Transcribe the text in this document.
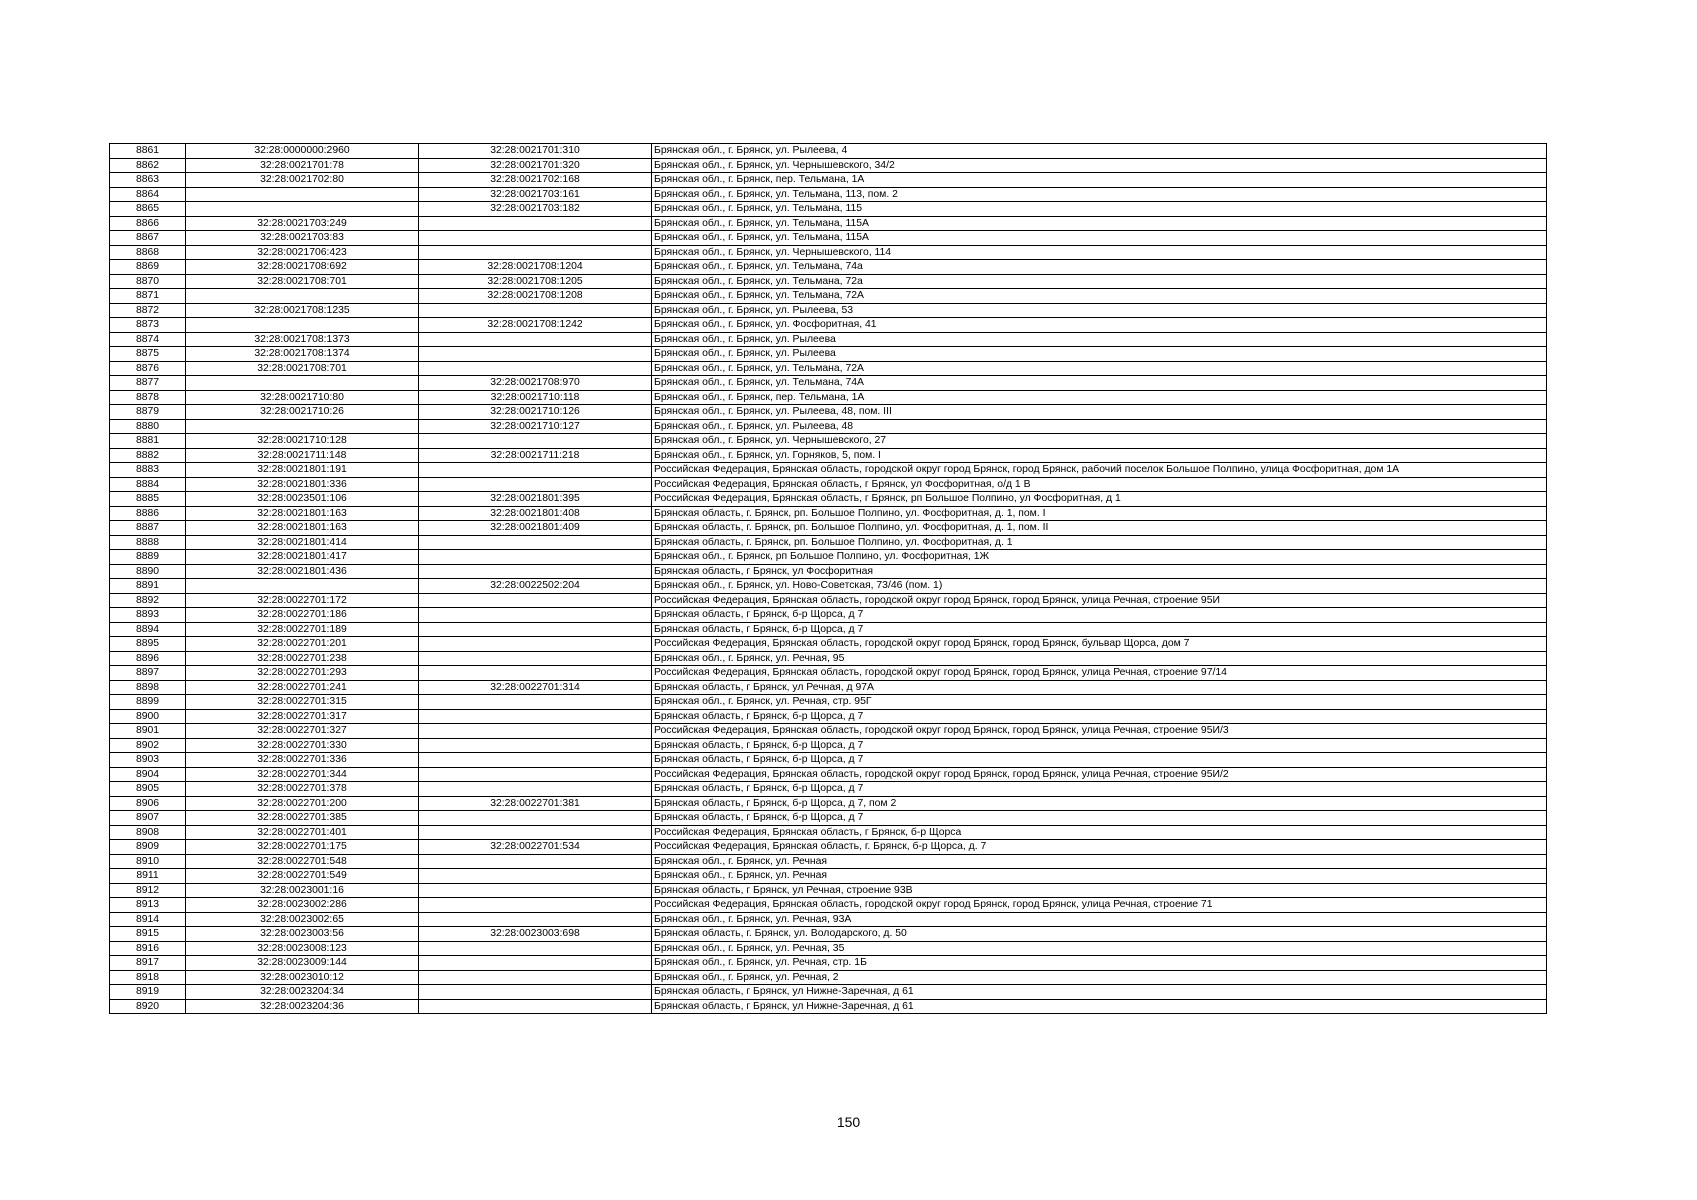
8861	32:28:0000000:2960	32:28:0021701:310	Брянская обл., г. Брянск, ул. Рылеева, 4
8862	32:28:0021701:78	32:28:0021701:320	Брянская обл., г. Брянск, ул. Чернышевского, 34/2
8863	32:28:0021702:80	32:28:0021702:168	Брянская обл., г. Брянск, пер. Тельмана, 1А
8864		32:28:0021703:161	Брянская обл., г. Брянск, ул. Тельмана, 113, пом. 2
8865		32:28:0021703:182	Брянская обл., г. Брянск, ул. Тельмана, 115
8866	32:28:0021703:249		Брянская обл., г. Брянск, ул. Тельмана, 115А
8867	32:28:0021703:83		Брянская обл., г. Брянск, ул. Тельмана, 115А
8868	32:28:0021706:423		Брянская обл., г. Брянск, ул. Чернышевского, 114
8869	32:28:0021708:692	32:28:0021708:1204	Брянская обл., г. Брянск, ул. Тельмана, 74а
8870	32:28:0021708:701	32:28:0021708:1205	Брянская обл., г. Брянск, ул. Тельмана, 72а
8871		32:28:0021708:1208	Брянская обл., г. Брянск, ул. Тельмана, 72А
8872	32:28:0021708:1235		Брянская обл., г. Брянск, ул. Рылеева, 53
8873		32:28:0021708:1242	Брянская обл., г. Брянск, ул. Фосфоритная, 41
8874	32:28:0021708:1373		Брянская обл., г. Брянск, ул. Рылеева
8875	32:28:0021708:1374		Брянская обл., г. Брянск, ул. Рылеева
8876	32:28:0021708:701		Брянская обл., г. Брянск, ул. Тельмана, 72А
8877		32:28:0021708:970	Брянская обл., г. Брянск, ул. Тельмана, 74А
8878	32:28:0021710:80	32:28:0021710:118	Брянская обл., г. Брянск, пер. Тельмана, 1А
8879	32:28:0021710:26	32:28:0021710:126	Брянская обл., г. Брянск, ул. Рылеева, 48, пом. III
8880		32:28:0021710:127	Брянская обл., г. Брянск, ул. Рылеева, 48
8881	32:28:0021710:128		Брянская обл., г. Брянск, ул. Чернышевского, 27
8882	32:28:0021711:148	32:28:0021711:218	Брянская обл., г. Брянск, ул. Горняков, 5, пом. I
8883	32:28:0021801:191		Российская Федерация, Брянская область, городской округ город Брянск, город Брянск, рабочий поселок Большое Полпино, улица Фосфоритная, дом 1А
8884	32:28:0021801:336		Российская Федерация, Брянская область, г Брянск, ул Фосфоритная, о/д 1 В
8885	32:28:0023501:106	32:28:0021801:395	Российская Федерация, Брянская область, г Брянск, рп Большое Полпино, ул Фосфоритная, д 1
8886	32:28:0021801:163	32:28:0021801:408	Брянская область, г. Брянск, рп. Большое Полпино, ул. Фосфоритная, д. 1, пом. I
8887	32:28:0021801:163	32:28:0021801:409	Брянская область, г. Брянск, рп. Большое Полпино, ул. Фосфоритная, д. 1, пом. II
8888	32:28:0021801:414		Брянская область, г. Брянск, рп. Большое Полпино, ул. Фосфоритная, д. 1
8889	32:28:0021801:417		Брянская обл., г. Брянск, рп Большое Полпино, ул. Фосфоритная, 1Ж
8890	32:28:0021801:436		Брянская область, г Брянск, ул Фосфоритная
8891		32:28:0022502:204	Брянская обл., г. Брянск, ул. Ново-Советская, 73/46 (пом. 1)
8892	32:28:0022701:172		Российская Федерация, Брянская область, городской округ город Брянск, город Брянск, улица Речная, строение 95И
8893	32:28:0022701:186		Брянская область, г Брянск, б-р Щорса, д 7
8894	32:28:0022701:189		Брянская область, г Брянск, б-р Щорса, д 7
8895	32:28:0022701:201		Российская Федерация, Брянская область, городской округ город Брянск, город Брянск, бульвар Щорса, дом 7
8896	32:28:0022701:238		Брянская обл., г. Брянск, ул. Речная, 95
8897	32:28:0022701:293		Российская Федерация, Брянская область, городской округ город Брянск, город Брянск, улица Речная, строение 97/14
8898	32:28:0022701:241	32:28:0022701:314	Брянская область, г Брянск, ул Речная, д 97А
8899	32:28:0022701:315		Брянская обл., г. Брянск, ул. Речная, стр. 95Г
8900	32:28:0022701:317		Брянская область, г Брянск, б-р Щорса, д 7
8901	32:28:0022701:327		Российская Федерация, Брянская область, городской округ город Брянск, город Брянск, улица Речная, строение 95И/3
8902	32:28:0022701:330		Брянская область, г Брянск, б-р Щорса, д 7
8903	32:28:0022701:336		Брянская область, г Брянск, б-р Щорса, д 7
8904	32:28:0022701:344		Российская Федерация, Брянская область, городской округ город Брянск, город Брянск, улица Речная, строение 95И/2
8905	32:28:0022701:378		Брянская область, г Брянск, б-р Щорса, д 7
8906	32:28:0022701:200	32:28:0022701:381	Брянская область, г Брянск, б-р Щорса, д 7, пом 2
8907	32:28:0022701:385		Брянская область, г Брянск, б-р Щорса, д 7
8908	32:28:0022701:401		Российская Федерация, Брянская область, г Брянск, б-р Щорса
8909	32:28:0022701:175	32:28:0022701:534	Российская Федерация, Брянская область, г. Брянск, б-р Щорса, д. 7
8910	32:28:0022701:548		Брянская обл., г. Брянск, ул. Речная
8911	32:28:0022701:549		Брянская обл., г. Брянск, ул. Речная
8912	32:28:0023001:16		Брянская область, г Брянск, ул Речная, строение 93В
8913	32:28:0023002:286		Российская Федерация, Брянская область, городской округ город Брянск, город Брянск, улица Речная, строение 71
8914	32:28:0023002:65		Брянская обл., г. Брянск, ул. Речная, 93А
8915	32:28:0023003:56	32:28:0023003:698	Брянская область, г. Брянск, ул. Володарского, д. 50
8916	32:28:0023008:123		Брянская обл., г. Брянск, ул. Речная, 35
8917	32:28:0023009:144		Брянская обл., г. Брянск, ул. Речная, стр. 1Б
8918	32:28:0023010:12		Брянская обл., г. Брянск, ул. Речная, 2
8919	32:28:0023204:34		Брянская область, г Брянск, ул Нижне-Заречная, д 61
8920	32:28:0023204:36		Брянская область, г Брянск, ул Нижне-Заречная, д 61
150
